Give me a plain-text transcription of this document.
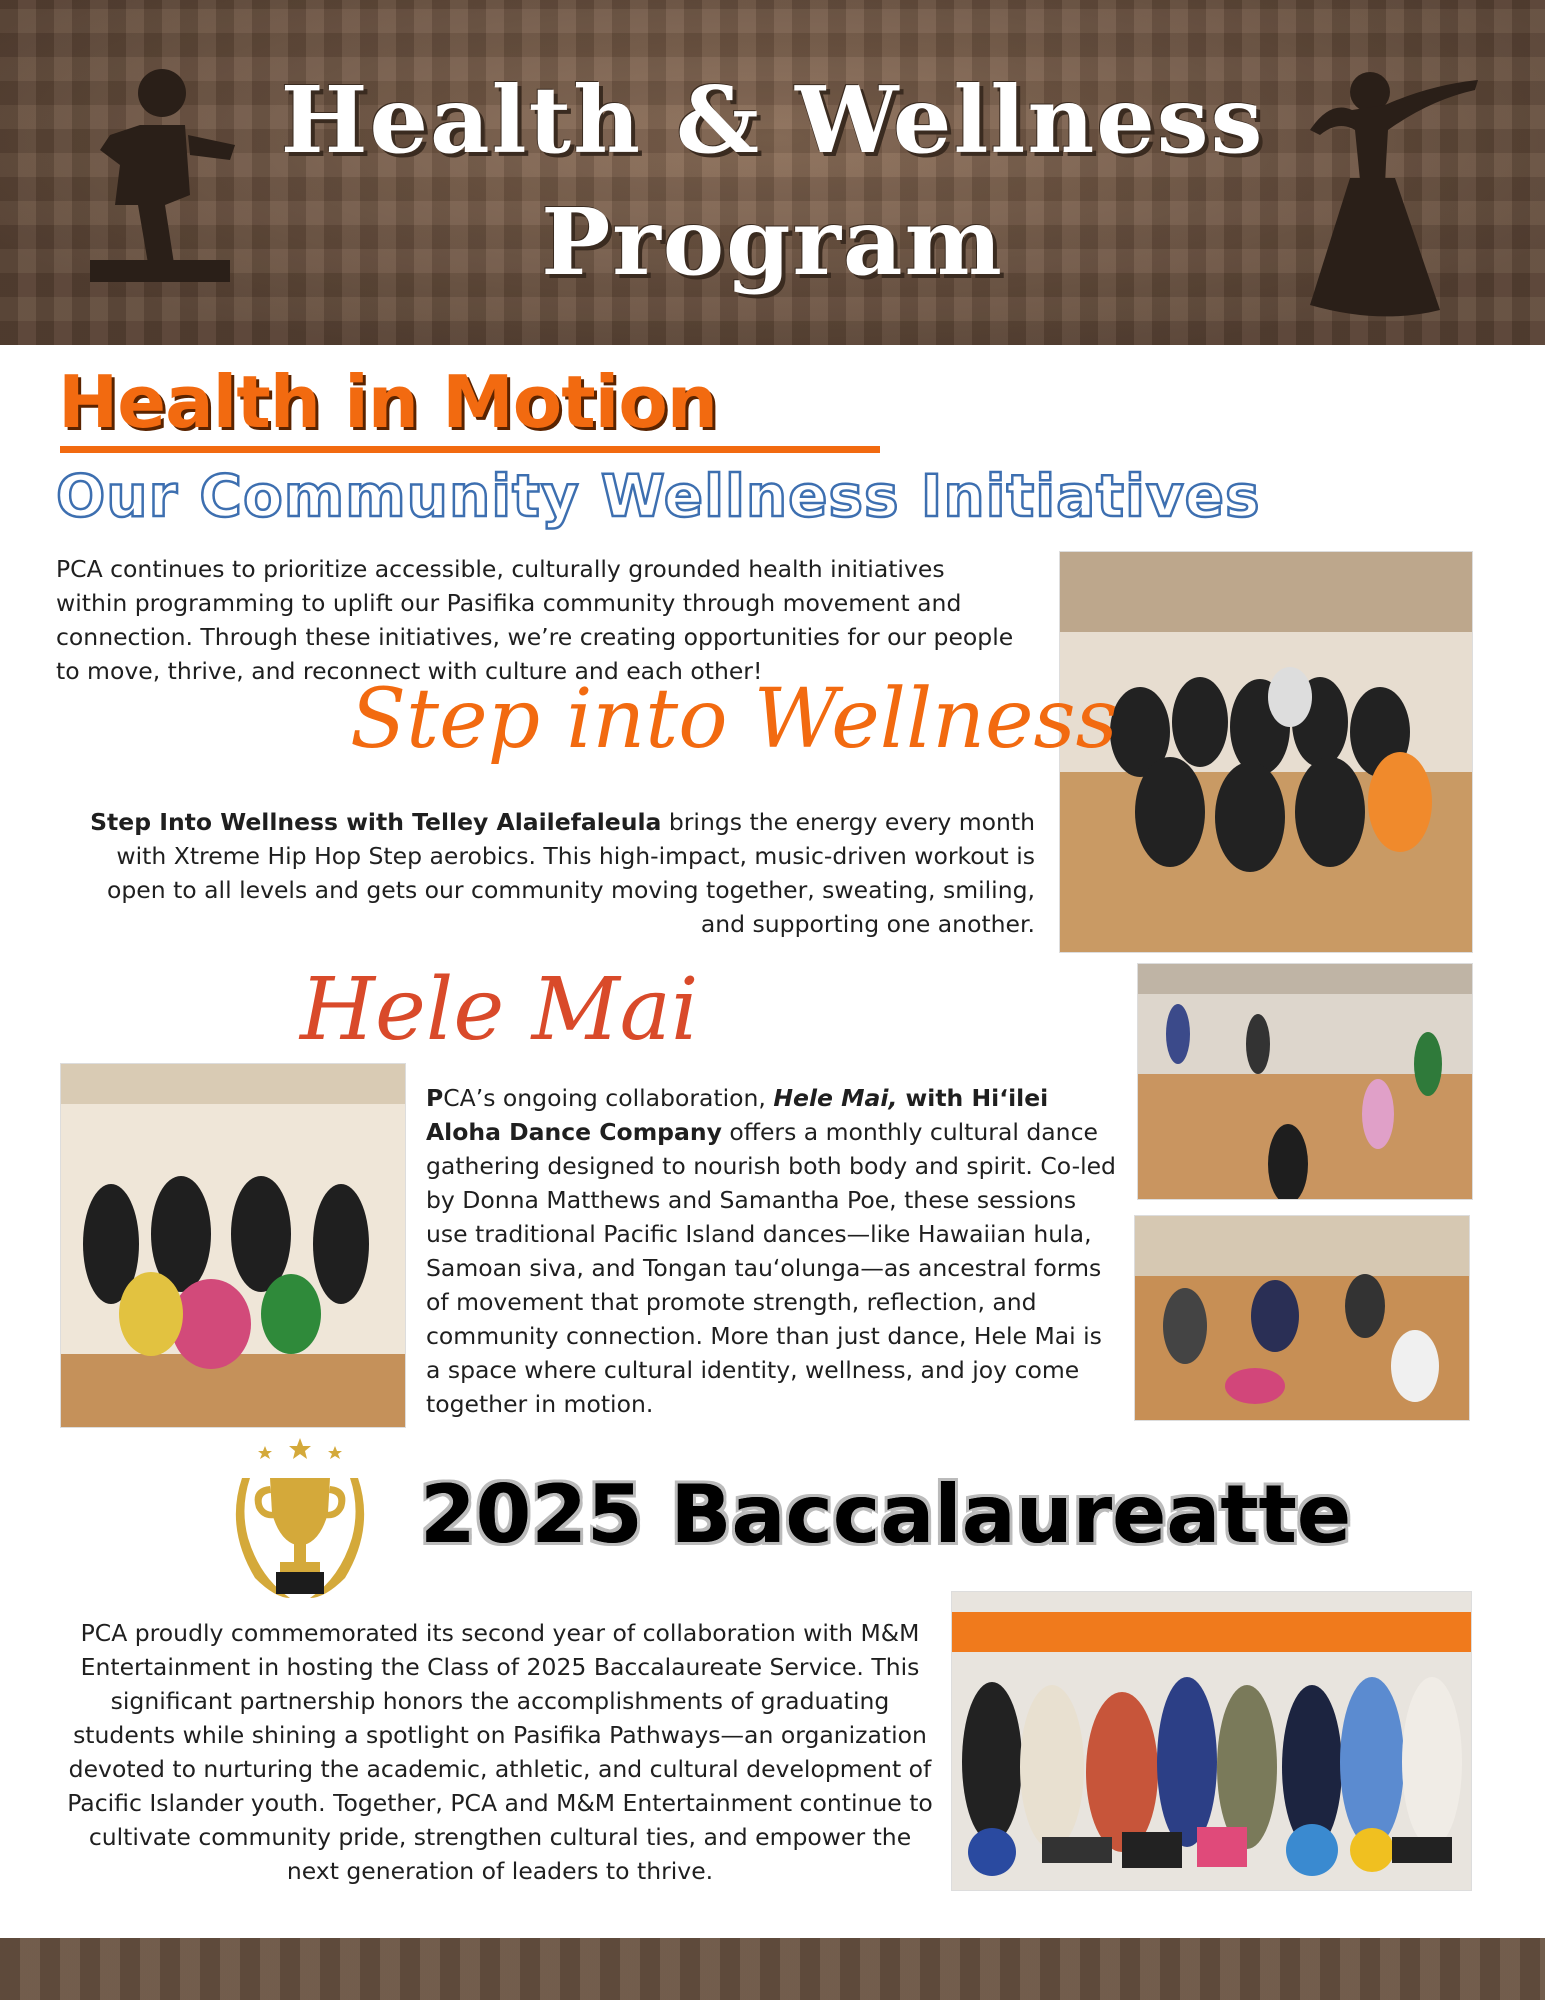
Health & Wellness
Program
Health in Motion
Our Community Wellness Initiatives

PCA continues to prioritize accessible, culturally grounded health initiatives within programming to uplift our Pasifika community through movement and connection. Through these initiatives, we’re creating opportunities for our people to move, thrive, and reconnect with culture and each other!

Step into Wellness

Step Into Wellness with Telley Alailefaleula brings the energy every month with Xtreme Hip Hop Step aerobics. This high-impact, music-driven workout is open to all levels and gets our community moving together, sweating, smiling, and supporting one another.

Hele Mai

PCA’s ongoing collaboration, Hele Mai, with Hiʻilei Aloha Dance Company offers a monthly cultural dance gathering designed to nourish both body and spirit. Co-led by Donna Matthews and Samantha Poe, these sessions use traditional Pacific Island dances—like Hawaiian hula, Samoan siva, and Tongan tauʻolunga—as ancestral forms of movement that promote strength, reflection, and community connection. More than just dance, Hele Mai is a space where cultural identity, wellness, and joy come together in motion.

2025 Baccalaureatte

PCA proudly commemorated its second year of collaboration with M&M Entertainment in hosting the Class of 2025 Baccalaureate Service. This significant partnership honors the accomplishments of graduating students while shining a spotlight on Pasifika Pathways—an organization devoted to nurturing the academic, athletic, and cultural development of Pacific Islander youth. Together, PCA and M&M Entertainment continue to cultivate community pride, strengthen cultural ties, and empower the next generation of leaders to thrive.
